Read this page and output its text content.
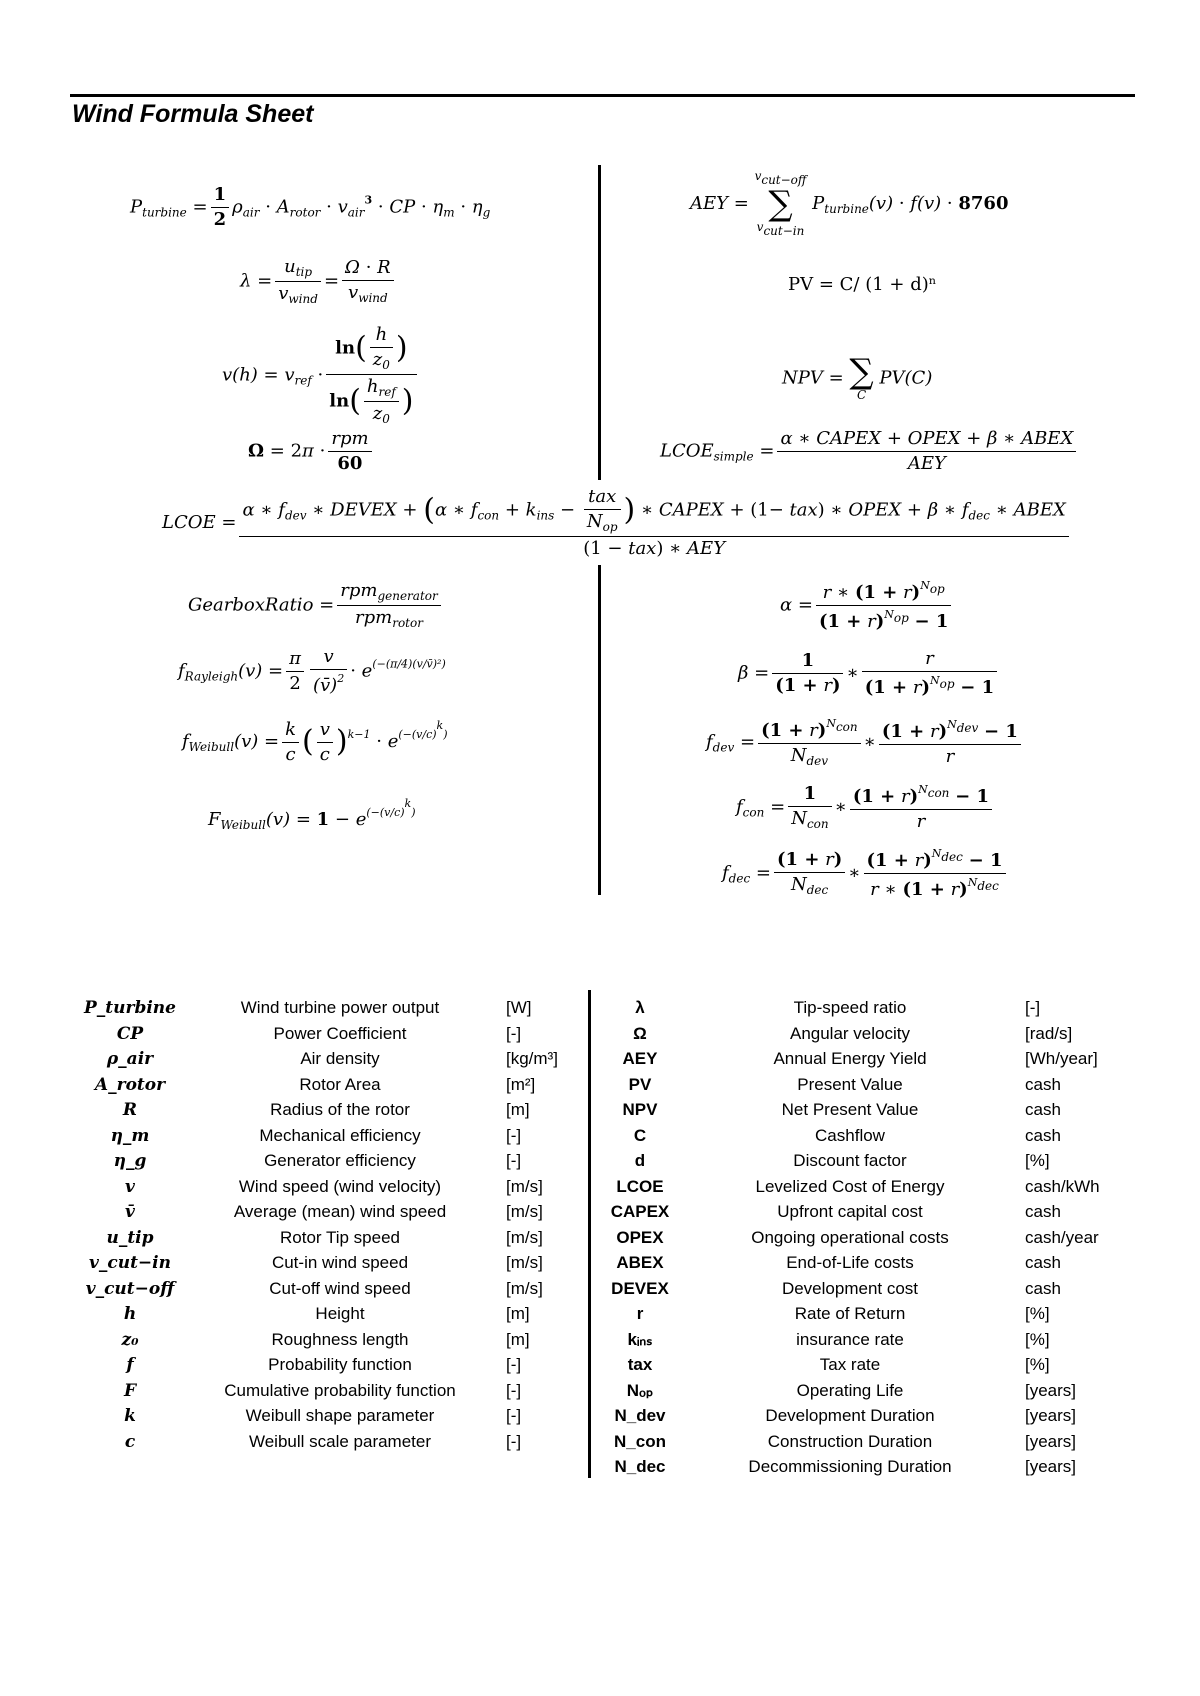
Wind Formula Sheet
$P_{turbine} = \frac{1}{2} \rho_{air} \cdot A_{rotor} \cdot v_{air}^3$ · CP · $\eta_m \cdot \eta_g$
$\lambda = \frac{u_{tip}}{v_{wind}} = \frac{\Omega \cdot R}{v_{wind}}$
$v(h) = v_{ref} \cdot \frac{\ln( \frac{h}{z_0} )}{\ln( \frac{h_{ref}}{z_0} )}$
$\Omega = 2\pi \cdot \frac{\text{rpm}}{60}$
AEY =
$v_{cut-off}$
∑
$v_{cut-in}$
$P_{turbine}(v) \cdot f(v) \cdot 8760$
PV = C/ (1 + d)ⁿ
NPV = ∑
C
PV(C)
$LCOE_{simple} = \frac{\text{α ∗ CAPEX + OPEX + β ∗ ABEX}}{\text{AEY}}$
LCOE =
α ∗ $f_{dev}$ ∗ DEVEX + (α ∗ $f_{con} + k_{ins} - \frac{\text{tax}}{N_{op}}$ ) ∗ CAPEX + (1− tax) ∗ OPEX + β ∗ $f_{dec}$ ∗ ABEX
(1 − tax) ∗ AEY
GearboxRatio = $\frac{rpm_{generator}}{rpm_{rotor}}$
$f_{Rayleigh}(v) = \frac{\pi}{2} \frac{v}{(v̄)^2} \cdot e^{(-(\pi/4)(v/v̄)^2)}$
$f_{Weibull}(v) = \frac{k}{c}$ ( $\frac{v}{c} )^{k-1} \cdot e^{(-(v/c)^k)}$
$F_{Weibull}(v) = 1 - e^{(-(v/c)^k)}$
$\alpha = \frac{r ∗ (1 + r)^{N_{op}}}{(1 + r)^{N_{op}} - 1}$
$\beta = \frac{1}{(1 + r)}$ ∗ $\frac{r}{(1 + r)^{N_{op}} - 1}$
$f_{dev} = \frac{(1 + r)^{N_{con}}}{N_{dev}}$ ∗ $\frac{(1 + r)^{N_{dev}} - 1}{r}$
$f_{con} = \frac{1}{N_{con}}$ ∗ $\frac{(1 + r)^{N_{con}} - 1}{r}$
$f_{dec} = \frac{(1 + r)}{N_{dec}}$ ∗ $\frac{(1 + r)^{N_{dec}} - 1}{r ∗ (1 + r)^{N_{dec}}}$
P_turbine	Wind turbine power output	[W]
CP	Power Coefficient	[-]
ρ_air	Air density	[kg/m³]
A_rotor	Rotor Area	[m²]
R	Radius of the rotor	[m]
η_m	Mechanical efficiency	[-]
η_g	Generator efficiency	[-]
v	Wind speed (wind velocity)	[m/s]
v̄	Average (mean) wind speed	[m/s]
u_tip	Rotor Tip speed	[m/s]
v_cut−in	Cut-in wind speed	[m/s]
v_cut−off	Cut-off wind speed	[m/s]
h	Height	[m]
z₀	Roughness length	[m]
f	Probability function	[-]
F	Cumulative probability function	[-]
k	Weibull shape parameter	[-]
c	Weibull scale parameter	[-]
λ	Tip-speed ratio	[-]
Ω	Angular velocity	[rad/s]
AEY	Annual Energy Yield	[Wh/year]
PV	Present Value	cash
NPV	Net Present Value	cash
C	Cashflow	cash
d	Discount factor	[%]
LCOE	Levelized Cost of Energy	cash/kWh
CAPEX	Upfront capital cost	cash
OPEX	Ongoing operational costs	cash/year
ABEX	End-of-Life costs	cash
DEVEX	Development cost	cash
r	Rate of Return	[%]
kᵢₙₛ	insurance rate	[%]
tax	Tax rate	[%]
Nₒₚ	Operating Life	[years]
N_dev	Development Duration	[years]
N_con	Construction Duration	[years]
N_dec	Decommissioning Duration	[years]
